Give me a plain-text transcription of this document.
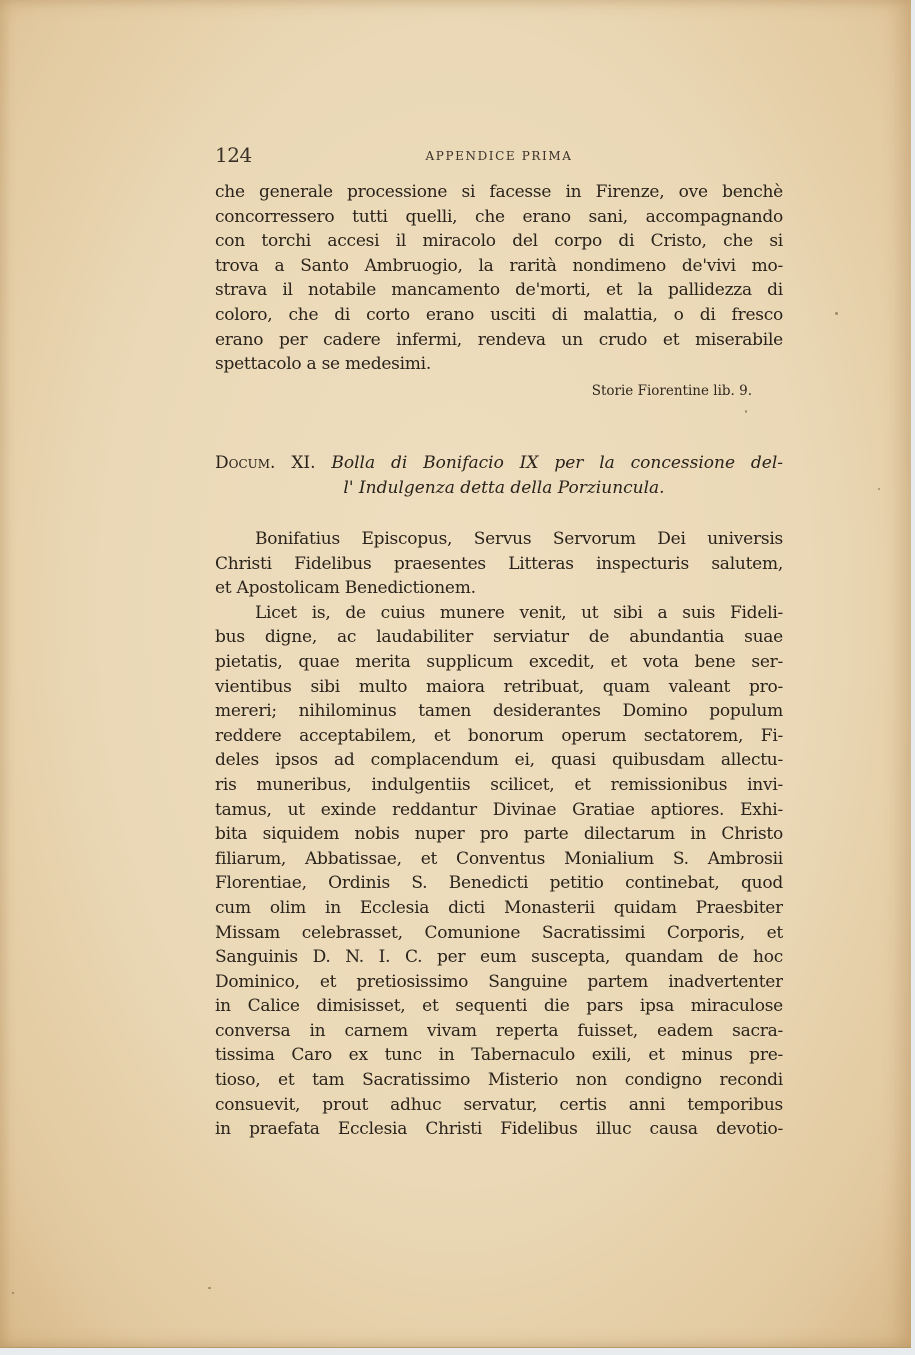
124	APPENDICE PRIMA
che generale processione si facesse in Firenze, ove benchè
concorressero tutti quelli, che erano sani, accompagnando
con torchi accesi il miracolo del corpo di Cristo, che si
trova a Santo Ambruogio, la rarità nondimeno de'vivi mo-
strava il notabile mancamento de'morti, et la pallidezza di
coloro, che di corto erano usciti di malattia, o di fresco
erano per cadere infermi, rendeva un crudo et miserabile
spettacolo a se medesimi.
Storie Fiorentine lib. 9.
Docum. XI. Bolla di Bonifacio IX per la concessione del-
l' Indulgenza detta della Porziuncula.
Bonifatius Episcopus, Servus Servorum Dei universis
Christi Fidelibus praesentes Litteras inspecturis salutem,
et Apostolicam Benedictionem.
Licet is, de cuius munere venit, ut sibi a suis Fideli-
bus digne, ac laudabiliter serviatur de abundantia suae
pietatis, quae merita supplicum excedit, et vota bene ser-
vientibus sibi multo maiora retribuat, quam valeant pro-
mereri; nihilominus tamen desiderantes Domino populum
reddere acceptabilem, et bonorum operum sectatorem, Fi-
deles ipsos ad complacendum ei, quasi quibusdam allectu-
ris muneribus, indulgentiis scilicet, et remissionibus invi-
tamus, ut exinde reddantur Divinae Gratiae aptiores. Exhi-
bita siquidem nobis nuper pro parte dilectarum in Christo
filiarum, Abbatissae, et Conventus Monialium S. Ambrosii
Florentiae, Ordinis S. Benedicti petitio continebat, quod
cum olim in Ecclesia dicti Monasterii quidam Praesbiter
Missam celebrasset, Comunione Sacratissimi Corporis, et
Sanguinis D. N. I. C. per eum suscepta, quandam de hoc
Dominico, et pretiosissimo Sanguine partem inadvertenter
in Calice dimisisset, et sequenti die pars ipsa miraculose
conversa in carnem vivam reperta fuisset, eadem sacra-
tissima Caro ex tunc in Tabernaculo exili, et minus pre-
tioso, et tam Sacratissimo Misterio non condigno recondi
consuevit, prout adhuc servatur, certis anni temporibus
in praefata Ecclesia Christi Fidelibus illuc causa devotio-
